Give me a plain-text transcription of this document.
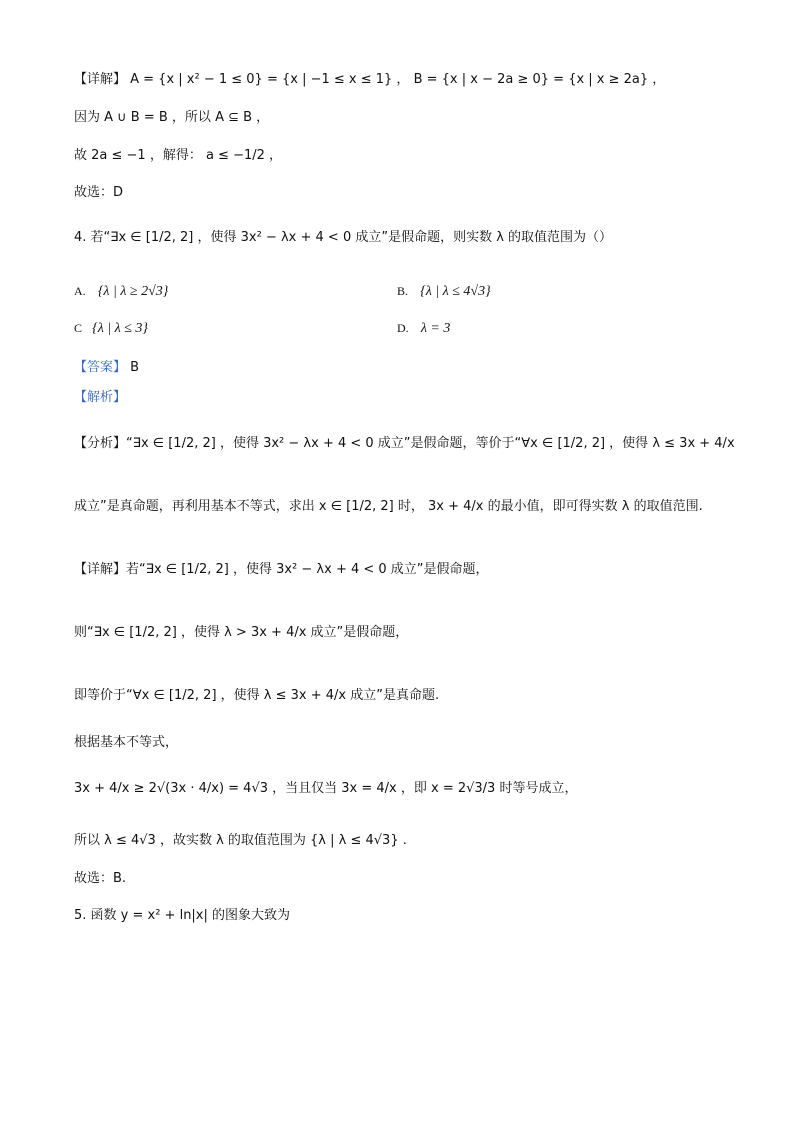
【详解】 A = {x | x² − 1 ≤ 0} = {x | −1 ≤ x ≤ 1} ， B = {x | x − 2a ≥ 0} = {x | x ≥ 2a} ，
因为 A ∪ B = B ，所以 A ⊆ B ，
故 2a ≤ −1 ，解得： a ≤ −1/2 ，
故选：D
4. 若“∃x ∈ [1/2, 2] ，使得 3x² − λx + 4 < 0 成立”是假命题，则实数 λ 的取值范围为（）
A. {λ | λ ≥ 2√3}	B. {λ | λ ≤ 4√3}
C {λ | λ ≤ 3}	D. λ = 3
【答案】 B
【解析】
【分析】“∃x ∈ [1/2, 2] ，使得 3x² − λx + 4 < 0 成立”是假命题，等价于“∀x ∈ [1/2, 2] ，使得 λ ≤ 3x + 4/x
成立”是真命题，再利用基本不等式，求出 x ∈ [1/2, 2] 时， 3x + 4/x 的最小值，即可得实数 λ 的取值范围.
【详解】若“∃x ∈ [1/2, 2] ，使得 3x² − λx + 4 < 0 成立”是假命题，
则“∃x ∈ [1/2, 2] ，使得 λ > 3x + 4/x 成立”是假命题，
即等价于“∀x ∈ [1/2, 2] ，使得 λ ≤ 3x + 4/x 成立”是真命题.
根据基本不等式，
3x + 4/x ≥ 2√(3x · 4/x) = 4√3 ，当且仅当 3x = 4/x ，即 x = 2√3/3 时等号成立，
所以 λ ≤ 4√3 ，故实数 λ 的取值范围为 {λ | λ ≤ 4√3} .
故选：B.
5. 函数 y = x² + ln|x| 的图象大致为
